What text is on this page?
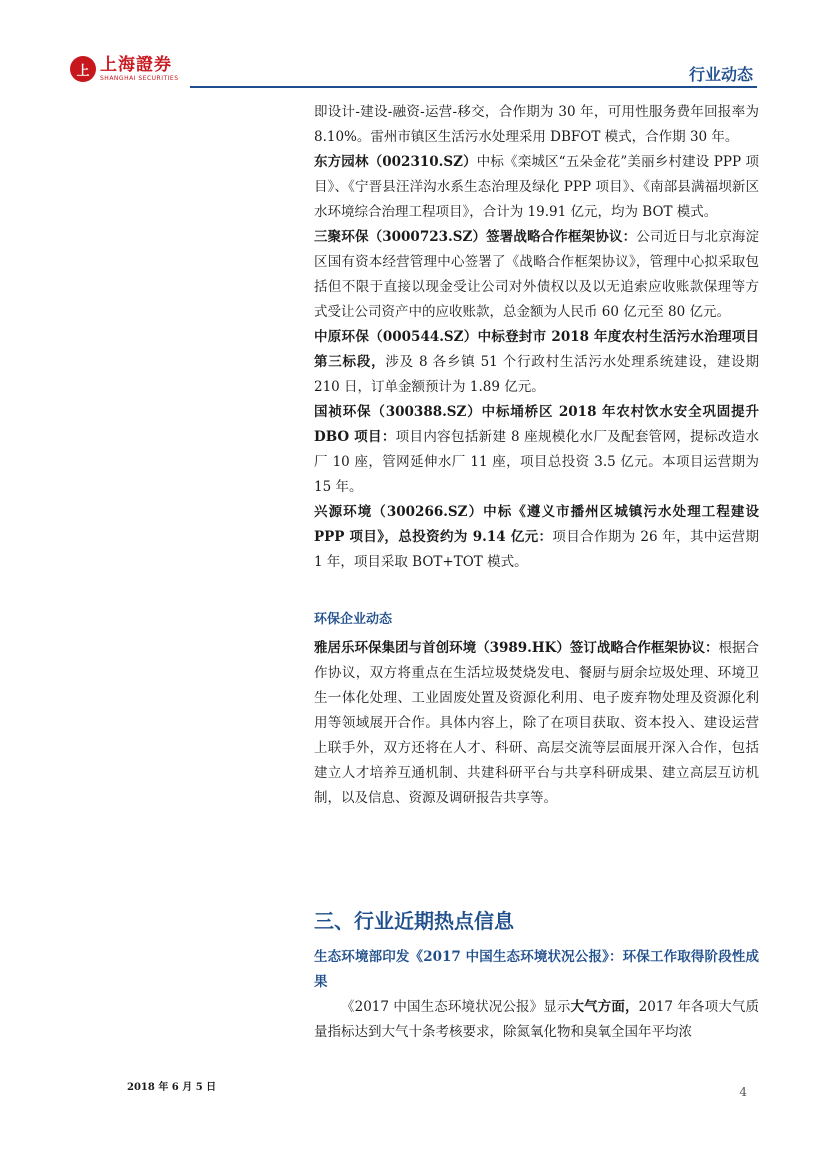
上 上海證券
SHANGHAI SECURITIES	行业动态

即设计-建设-融资-运营-移交，合作期为 30 年，可用性服务费年回报率为 8.10%。雷州市镇区生活污水处理采用 DBFOT 模式，合作期 30 年。

东方园林（002310.SZ）中标《栾城区“五朵金花”美丽乡村建设 PPP 项目》、《宁晋县汪洋沟水系生态治理及绿化 PPP 项目》、《南部县满福坝新区水环境综合治理工程项目》，合计为 19.91 亿元，均为 BOT 模式。

三聚环保（3000723.SZ）签署战略合作框架协议：公司近日与北京海淀区国有资本经营管理中心签署了《战略合作框架协议》，管理中心拟采取包括但不限于直接以现金受让公司对外债权以及以无追索应收账款保理等方式受让公司资产中的应收账款，总金额为人民币 60 亿元至 80 亿元。

中原环保（000544.SZ）中标登封市 2018 年度农村生活污水治理项目第三标段，涉及 8 各乡镇 51 个行政村生活污水处理系统建设，建设期 210 日，订单金额预计为 1.89 亿元。

国祯环保（300388.SZ）中标埇桥区 2018 年农村饮水安全巩固提升 DBO 项目：项目内容包括新建 8 座规模化水厂及配套管网，提标改造水厂 10 座，管网延伸水厂 11 座，项目总投资 3.5 亿元。本项目运营期为 15 年。

兴源环境（300266.SZ）中标《遵义市播州区城镇污水处理工程建设 PPP 项目》，总投资约为 9.14 亿元：项目合作期为 26 年，其中运营期 1 年，项目采取 BOT+TOT 模式。

环保企业动态

雅居乐环保集团与首创环境（3989.HK）签订战略合作框架协议：根据合作协议，双方将重点在生活垃圾焚烧发电、餐厨与厨余垃圾处理、环境卫生一体化处理、工业固废处置及资源化利用、电子废弃物处理及资源化利用等领域展开合作。具体内容上，除了在项目获取、资本投入、建设运营上联手外，双方还将在人才、科研、高层交流等层面展开深入合作，包括建立人才培养互通机制、共建科研平台与共享科研成果、建立高层互访机制，以及信息、资源及调研报告共享等。

三、行业近期热点信息
生态环境部印发《2017 中国生态环境状况公报》：环保工作取得阶段性成果
《2017 中国生态环境状况公报》显示大气方面，2017 年各项大气质量指标达到大气十条考核要求，除氮氧化物和臭氧全国年平均浓
2018 年 6 月 5 日	4
